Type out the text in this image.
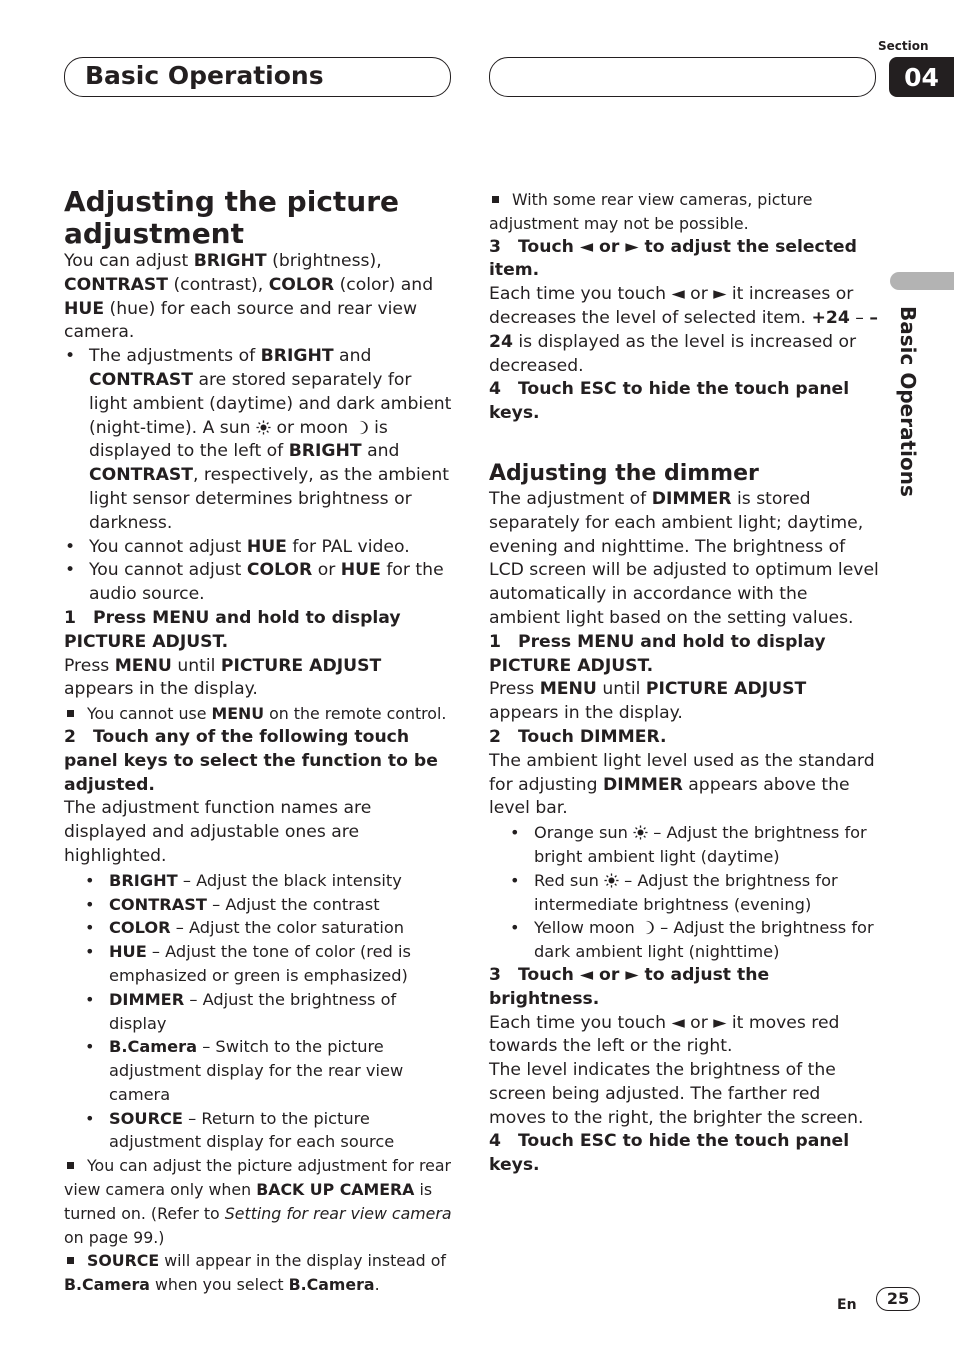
Basic Operations
Section
04
Basic Operations

Adjusting the picture adjustment

You can adjust BRIGHT (brightness), CONTRAST (contrast), COLOR (color) and HUE (hue) for each source and rear view camera.

• The adjustments of BRIGHT and CONTRAST are stored separately for light ambient (daytime) and dark ambient (night-time). A sun  or moon  is displayed to the left of BRIGHT and CONTRAST, respectively, as the ambient light sensor determines brightness or darkness.
• You cannot adjust HUE for PAL video.
• You cannot adjust COLOR or HUE for the audio source.

1 Press MENU and hold to display PICTURE ADJUST.

Press MENU until PICTURE ADJUST appears in the display.

You cannot use MENU on the remote control.

2 Touch any of the following touch panel keys to select the function to be adjusted.

The adjustment function names are displayed and adjustable ones are highlighted.

• BRIGHT – Adjust the black intensity
• CONTRAST – Adjust the contrast
• COLOR – Adjust the color saturation
• HUE – Adjust the tone of color (red is emphasized or green is emphasized)
• DIMMER – Adjust the brightness of display
• B.Camera – Switch to the picture adjustment display for the rear view camera
• SOURCE – Return to the picture adjustment display for each source

You can adjust the picture adjustment for rear view camera only when BACK UP CAMERA is turned on. (Refer to Setting for rear view camera on page 99.)

SOURCE will appear in the display instead of B.Camera when you select B.Camera.

With some rear view cameras, picture adjustment may not be possible.

3 Touch ◄ or ► to adjust the selected item.

Each time you touch ◄ or ► it increases or decreases the level of selected item. +24 – –24 is displayed as the level is increased or decreased.

4 Touch ESC to hide the touch panel keys.

Adjusting the dimmer

The adjustment of DIMMER is stored separately for each ambient light; daytime, evening and nighttime. The brightness of LCD screen will be adjusted to optimum level automatically in accordance with the ambient light based on the setting values.

1 Press MENU and hold to display PICTURE ADJUST.

Press MENU until PICTURE ADJUST appears in the display.

2 Touch DIMMER.

The ambient light level used as the standard for adjusting DIMMER appears above the level bar.

• Orange sun  – Adjust the brightness for bright ambient light (daytime)
• Red sun  – Adjust the brightness for intermediate brightness (evening)
• Yellow moon  – Adjust the brightness for dark ambient light (nighttime)

3 Touch ◄ or ► to adjust the brightness.

Each time you touch ◄ or ► it moves red towards the left or the right.

The level indicates the brightness of the screen being adjusted. The farther red moves to the right, the brighter the screen.

4 Touch ESC to hide the touch panel keys.

En	25
